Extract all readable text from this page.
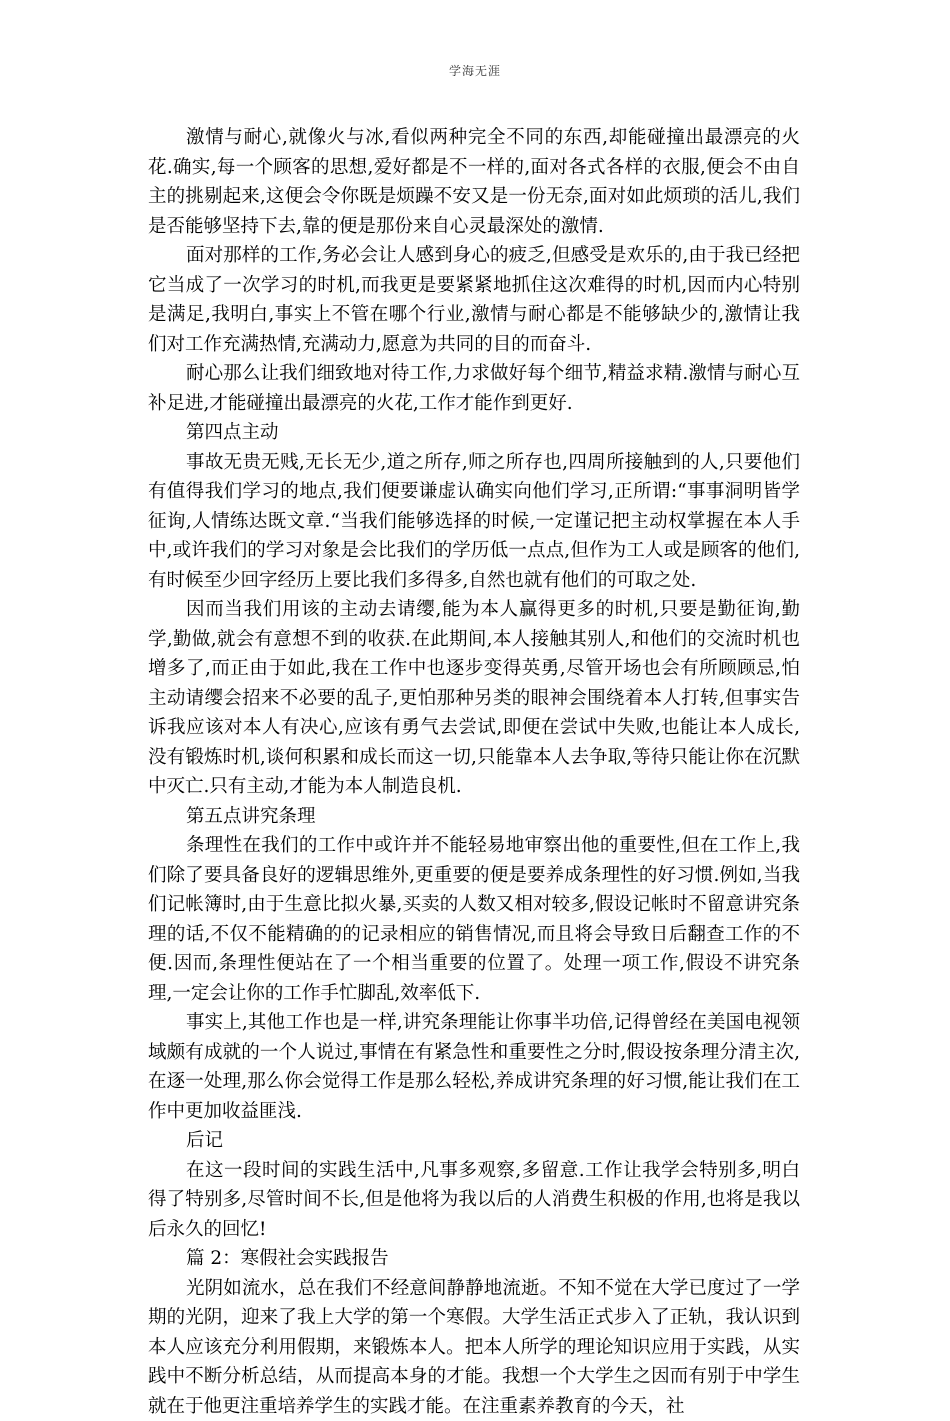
学海无涯

激情与耐心,就像火与冰,看似两种完全不同的东西,却能碰撞出最漂亮的火花.确实,每一个顾客的思想,爱好都是不一样的,面对各式各样的衣服,便会不由自主的挑剔起来,这便会令你既是烦躁不安又是一份无奈,面对如此烦琐的活儿,我们是否能够坚持下去,靠的便是那份来自心灵最深处的激情.

面对那样的工作,务必会让人感到身心的疲乏,但感受是欢乐的,由于我已经把它当成了一次学习的时机,而我更是要紧紧地抓住这次难得的时机,因而内心特别是满足,我明白,事实上不管在哪个行业,激情与耐心都是不能够缺少的,激情让我们对工作充满热情,充满动力,愿意为共同的目的而奋斗.

耐心那么让我们细致地对待工作,力求做好每个细节,精益求精.激情与耐心互补足进,才能碰撞出最漂亮的火花,工作才能作到更好.

第四点主动

事故无贵无贱,无长无少,道之所存,师之所存也,四周所接触到的人,只要他们有值得我们学习的地点,我们便要谦虚认确实向他们学习,正所谓:“事事洞明皆学征询,人情练达既文章.“当我们能够选择的时候,一定谨记把主动权掌握在本人手中,或许我们的学习对象是会比我们的学历低一点点,但作为工人或是顾客的他们,有时候至少回字经历上要比我们多得多,自然也就有他们的可取之处.

因而当我们用该的主动去请缨,能为本人赢得更多的时机,只要是勤征询,勤学,勤做,就会有意想不到的收获.在此期间,本人接触其别人,和他们的交流时机也增多了,而正由于如此,我在工作中也逐步变得英勇,尽管开场也会有所顾顾忌,怕主动请缨会招来不必要的乱子,更怕那种另类的眼神会围绕着本人打转,但事实告诉我应该对本人有决心,应该有勇气去尝试,即便在尝试中失败,也能让本人成长,没有锻炼时机,谈何积累和成长而这一切,只能靠本人去争取,等待只能让你在沉默中灭亡.只有主动,才能为本人制造良机.

第五点讲究条理

条理性在我们的工作中或许并不能轻易地审察出他的重要性,但在工作上,我们除了要具备良好的逻辑思维外,更重要的便是要养成条理性的好习惯.例如,当我们记帐簿时,由于生意比拟火暴,买卖的人数又相对较多,假设记帐时不留意讲究条理的话,不仅不能精确的的记录相应的销售情况,而且将会导致日后翻查工作的不便.因而,条理性便站在了一个相当重要的位置了。处理一项工作,假设不讲究条理,一定会让你的工作手忙脚乱,效率低下.

事实上,其他工作也是一样,讲究条理能让你事半功倍,记得曾经在美国电视领域颇有成就的一个人说过,事情在有紧急性和重要性之分时,假设按条理分清主次,在逐一处理,那么你会觉得工作是那么轻松,养成讲究条理的好习惯,能让我们在工作中更加收益匪浅.

后记

在这一段时间的实践生活中,凡事多观察,多留意.工作让我学会特别多,明白得了特别多,尽管时间不长,但是他将为我以后的人消费生积极的作用,也将是我以后永久的回忆!

篇 2：寒假社会实践报告

光阴如流水，总在我们不经意间静静地流逝。不知不觉在大学已度过了一学期的光阴，迎来了我上大学的第一个寒假。大学生活正式步入了正轨，我认识到本人应该充分利用假期，来锻炼本人。把本人所学的理论知识应用于实践，从实践中不断分析总结，从而提高本身的才能。我想一个大学生之因而有别于中学生就在于他更注重培养学生的实践才能。在注重素养教育的今天，社
